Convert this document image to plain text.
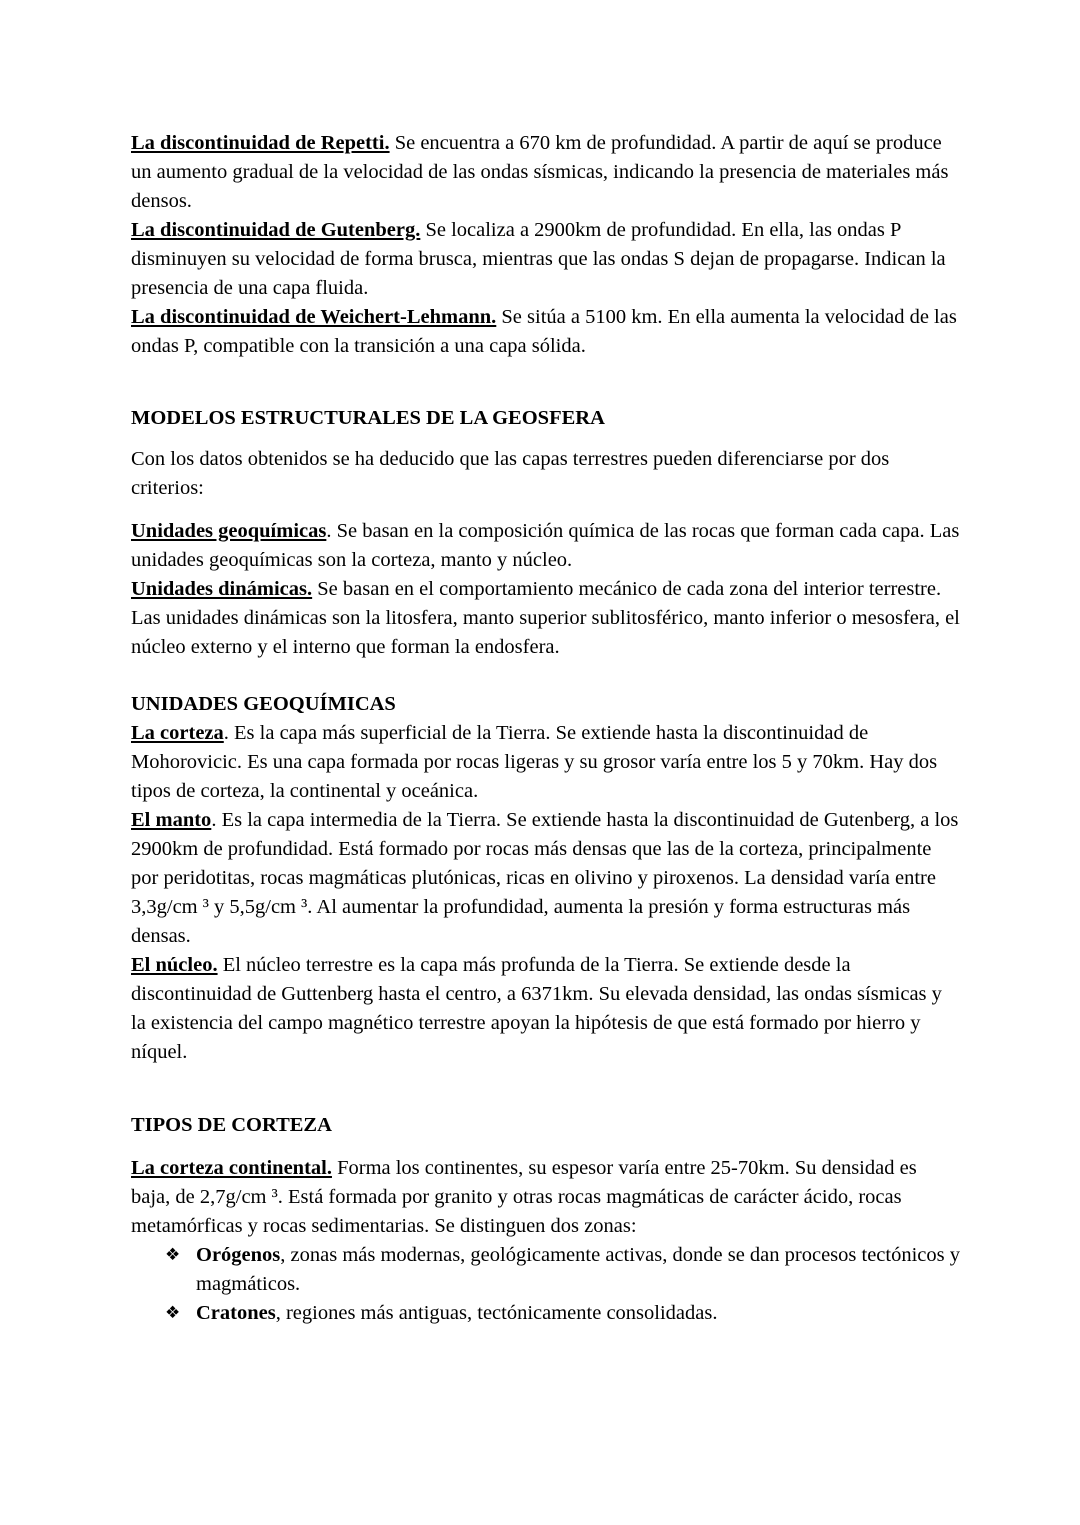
La discontinuidad de Repetti. Se encuentra a 670 km de profundidad. A partir de aquí se produce un aumento gradual de la velocidad de las ondas sísmicas, indicando la presencia de materiales más densos.

La discontinuidad de Gutenberg. Se localiza a 2900km de profundidad. En ella, las ondas P disminuyen su velocidad de forma brusca, mientras que las ondas S dejan de propagarse. Indican la presencia de una capa fluida.

La discontinuidad de Weichert-Lehmann. Se sitúa a 5100 km. En ella aumenta la velocidad de las ondas P, compatible con la transición a una capa sólida.

MODELOS ESTRUCTURALES DE LA GEOSFERA

Con los datos obtenidos se ha deducido que las capas terrestres pueden diferenciarse por dos criterios:

Unidades geoquímicas. Se basan en la composición química de las rocas que forman cada capa. Las unidades geoquímicas son la corteza, manto y núcleo.

Unidades dinámicas. Se basan en el comportamiento mecánico de cada zona del interior terrestre. Las unidades dinámicas son la litosfera, manto superior sublitosférico, manto inferior o mesosfera, el núcleo externo y el interno que forman la endosfera.

UNIDADES GEOQUÍMICAS

La corteza. Es la capa más superficial de la Tierra. Se extiende hasta la discontinuidad de Mohorovicic. Es una capa formada por rocas ligeras y su grosor varía entre los 5 y 70km. Hay dos tipos de corteza, la continental y oceánica.

El manto. Es la capa intermedia de la Tierra. Se extiende hasta la discontinuidad de Gutenberg, a los 2900km de profundidad. Está formado por rocas más densas que las de la corteza, principalmente por peridotitas, rocas magmáticas plutónicas, ricas en olivino y piroxenos. La densidad varía entre 3,3g/cm ³ y 5,5g/cm ³. Al aumentar la profundidad, aumenta la presión y forma estructuras más densas.

El núcleo. El núcleo terrestre es la capa más profunda de la Tierra. Se extiende desde la discontinuidad de Guttenberg hasta el centro, a 6371km. Su elevada densidad, las ondas sísmicas y la existencia del campo magnético terrestre apoyan la hipótesis de que está formado por hierro y níquel.

TIPOS DE CORTEZA

La corteza continental. Forma los continentes, su espesor varía entre 25-70km. Su densidad es baja, de 2,7g/cm ³. Está formada por granito y otras rocas magmáticas de carácter ácido, rocas metamórficas y rocas sedimentarias. Se distinguen dos zonas:

❖ Orógenos, zonas más modernas, geológicamente activas, donde se dan procesos tectónicos y magmáticos.
❖ Cratones, regiones más antiguas, tectónicamente consolidadas.
